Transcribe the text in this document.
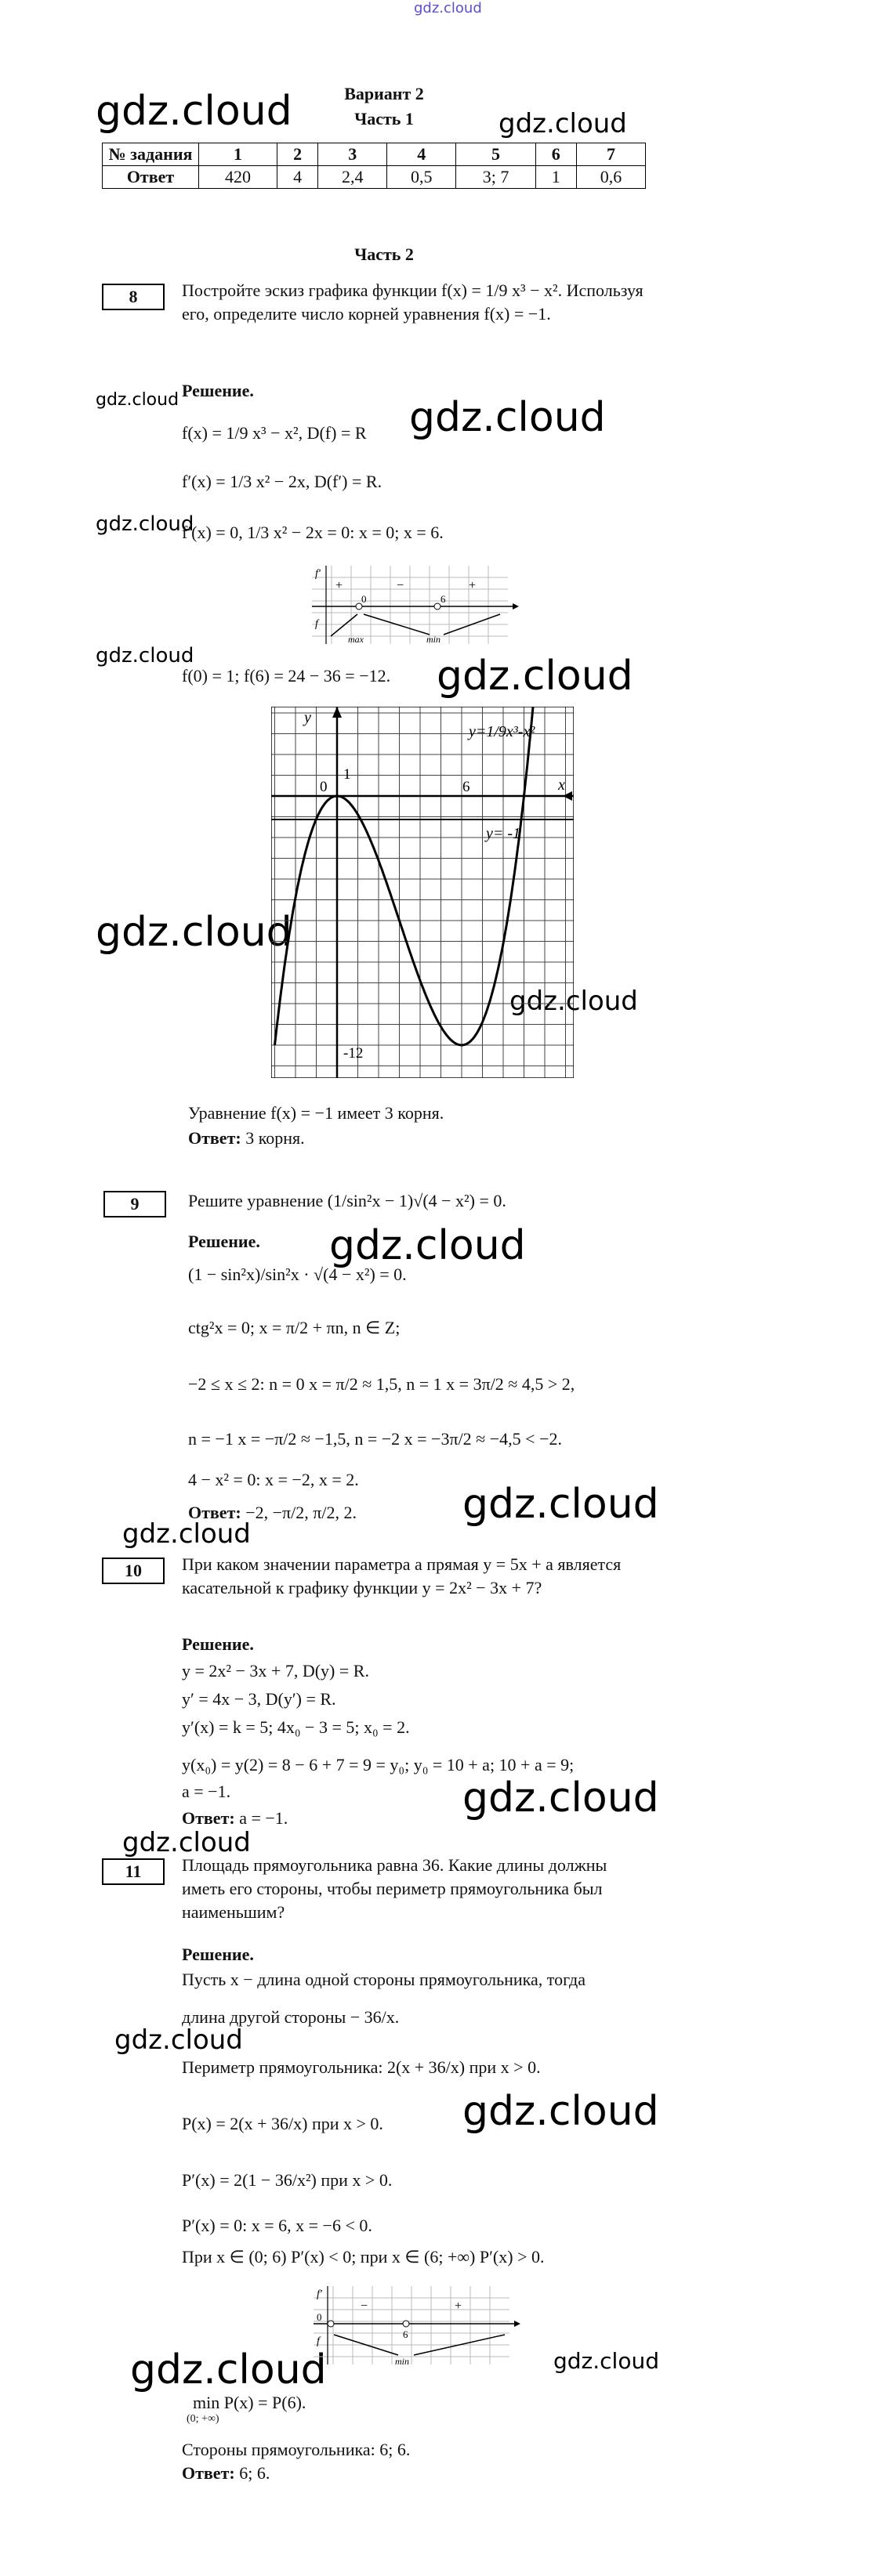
gdz.cloud
gdz.cloud	gdz.cloud
gdz.cloud	gdz.cloud
gdz.cloud
gdz.cloud	gdz.cloud
gdz.cloud
gdz.cloud
gdz.cloud
gdz.cloud
gdz.cloud
gdz.cloud
gdz.cloud
gdz.cloud
gdz.cloud
gdz.cloud	gdz.cloud
Вариант 2
Часть 1
№ задания	1	2	3	4	5	6	7
Ответ	420	4	2,4	0,5	3; 7	1	0,6
Часть 2
8	Постройте эскиз графика функции f(x) = 1/9 x³ − x². Используя его, определите число корней уравнения f(x) = −1.
Решение.
f(x) = 1/9 x³ − x², D(f) = R
f′(x) = 1/3 x² − 2x, D(f′) = R.
f′(x) = 0, 1/3 x² − 2x = 0: x = 0; x = 6.
f′
f
0	6
+	−	+
max	min
f(0) = 1; f(6) = 24 − 36 = −12.
y
x
0
1
6
-12
y=1/9x³-x²
y= -1
Уравнение f(x) = −1 имеет 3 корня.
Ответ: 3 корня.
9	Решите уравнение (1/sin²x − 1)√(4 − x²) = 0.
Решение.
(1 − sin²x)/sin²x · √(4 − x²) = 0.
ctg²x = 0; x = π/2 + πn, n ∈ Z;
−2 ≤ x ≤ 2: n = 0 x = π/2 ≈ 1,5, n = 1 x = 3π/2 ≈ 4,5 > 2,
n = −1 x = −π/2 ≈ −1,5, n = −2 x = −3π/2 ≈ −4,5 < −2.
4 − x² = 0: x = −2, x = 2.
Ответ: −2, −π/2, π/2, 2.
10	При каком значении параметра a прямая y = 5x + a является касательной к графику функции y = 2x² − 3x + 7?
Решение.
y = 2x² − 3x + 7, D(y) = R.
y′ = 4x − 3, D(y′) = R.
y′(x) = k = 5; 4x₀ − 3 = 5; x₀ = 2.
y(x₀) = y(2) = 8 − 6 + 7 = 9 = y₀; y₀ = 10 + a; 10 + a = 9;
a = −1.
Ответ: a = −1.
11	Площадь прямоугольника равна 36. Какие длины должны иметь его стороны, чтобы периметр прямоугольника был наименьшим?
Решение.
Пусть x − длина одной стороны прямоугольника, тогда
длина другой стороны − 36/x.
Периметр прямоугольника: 2(x + 36/x) при x > 0.
P(x) = 2(x + 36/x) при x > 0.
P′(x) = 2(1 − 36/x²) при x > 0.
P′(x) = 0: x = 6, x = −6 < 0.
При x ∈ (0; 6) P′(x) < 0; при x ∈ (6; +∞) P′(x) > 0.
f′
f
0
6
−	+
min
min P(x) = P(6).
(0; +∞)
Стороны прямоугольника: 6; 6.
Ответ: 6; 6.
